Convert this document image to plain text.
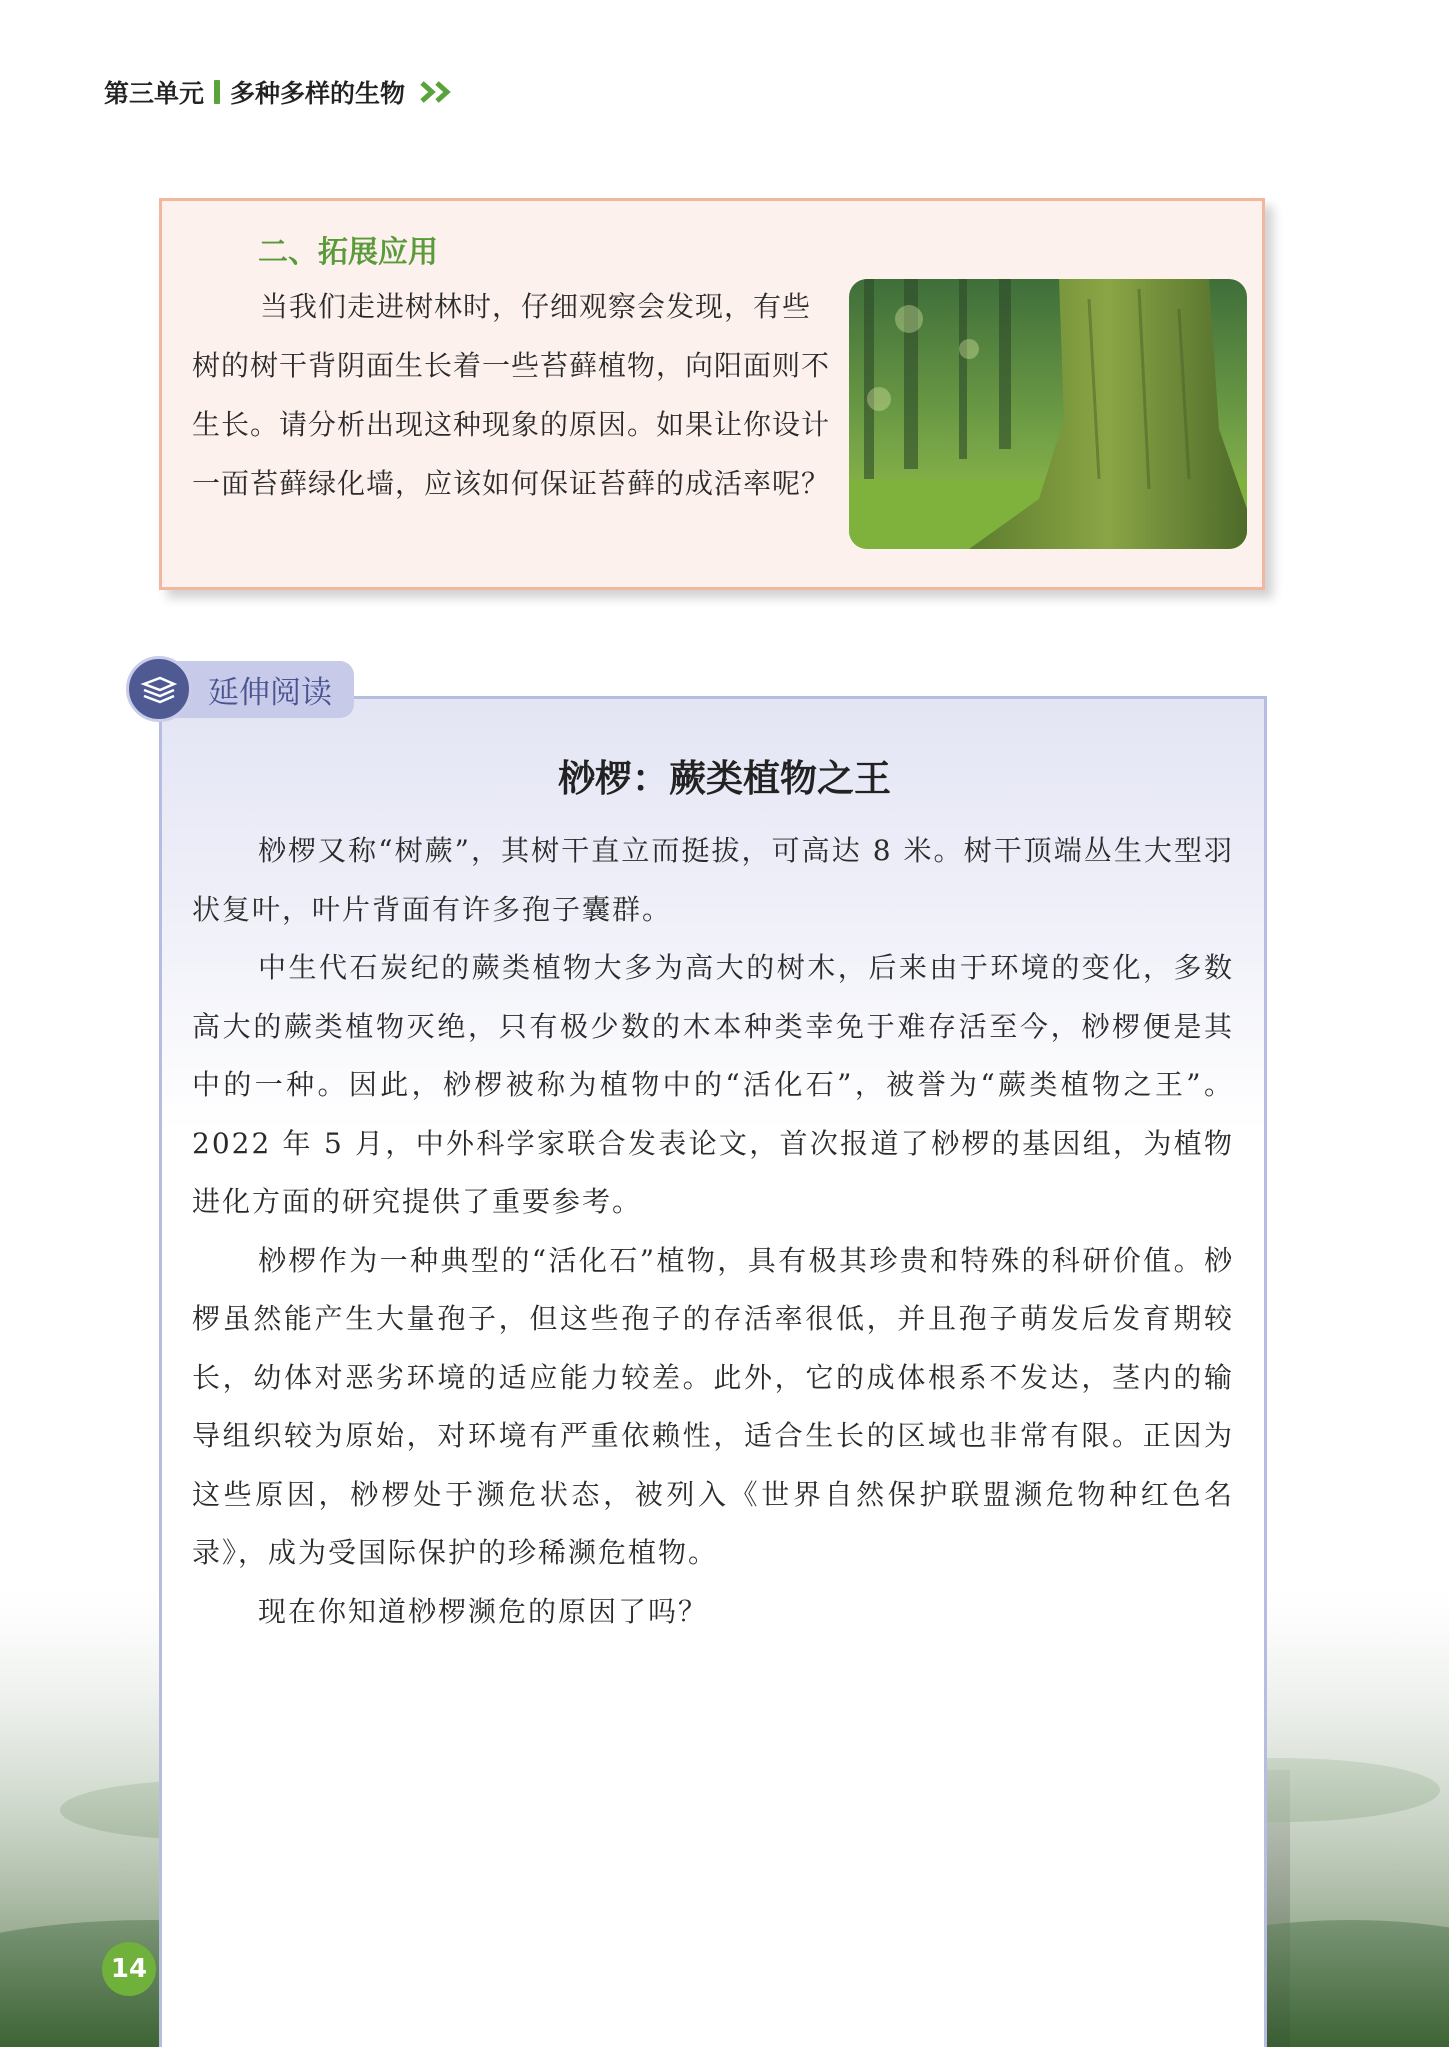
第三单元 多种多样的生物
二、拓展应用
当我们走进树林时，仔细观察会发现，有些树的树干背阴面生长着一些苔藓植物，向阳面则不生长。请分析出现这种现象的原因。如果让你设计一面苔藓绿化墙，应该如何保证苔藓的成活率呢？
延伸阅读
桫椤：蕨类植物之王

桫椤又称“树蕨”，其树干直立而挺拔，可高达 8 米。树干顶端丛生大型羽状复叶，叶片背面有许多孢子囊群。

中生代石炭纪的蕨类植物大多为高大的树木，后来由于环境的变化，多数高大的蕨类植物灭绝，只有极少数的木本种类幸免于难存活至今，桫椤便是其中的一种。因此，桫椤被称为植物中的“活化石”，被誉为“蕨类植物之王”。2022 年 5 月，中外科学家联合发表论文，首次报道了桫椤的基因组，为植物进化方面的研究提供了重要参考。

桫椤作为一种典型的“活化石”植物，具有极其珍贵和特殊的科研价值。桫椤虽然能产生大量孢子，但这些孢子的存活率很低，并且孢子萌发后发育期较长，幼体对恶劣环境的适应能力较差。此外，它的成体根系不发达，茎内的输导组织较为原始，对环境有严重依赖性，适合生长的区域也非常有限。正因为这些原因，桫椤处于濒危状态，被列入《世界自然保护联盟濒危物种红色名录》，成为受国际保护的珍稀濒危植物。

现在你知道桫椤濒危的原因了吗？

14
